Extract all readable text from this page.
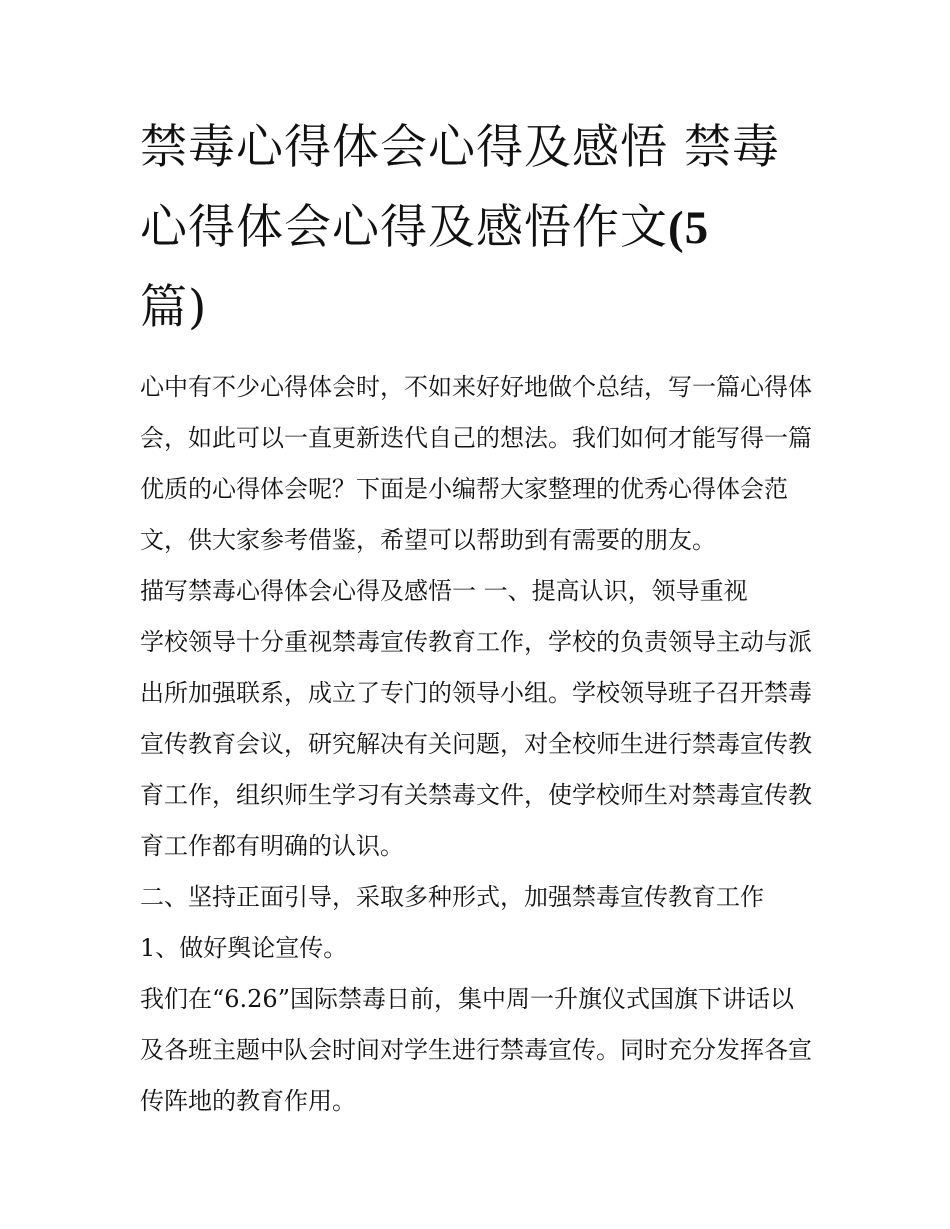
禁毒心得体会心得及感悟 禁毒心得体会心得及感悟作文(5
篇)

心中有不少心得体会时，不如来好好地做个总结，写一篇心得体会，如此可以一直更新迭代自己的想法。我们如何才能写得一篇优质的心得体会呢？下面是小编帮大家整理的优秀心得体会范文，供大家参考借鉴，希望可以帮助到有需要的朋友。

描写禁毒心得体会心得及感悟一 一、提高认识，领导重视

学校领导十分重视禁毒宣传教育工作，学校的负责领导主动与派出所加强联系，成立了专门的领导小组。学校领导班子召开禁毒宣传教育会议，研究解决有关问题，对全校师生进行禁毒宣传教育工作，组织师生学习有关禁毒文件，使学校师生对禁毒宣传教育工作都有明确的认识。

二、坚持正面引导，采取多种形式，加强禁毒宣传教育工作

1、做好舆论宣传。

我们在“6.26”国际禁毒日前，集中周一升旗仪式国旗下讲话以及各班主题中队会时间对学生进行禁毒宣传。同时充分发挥各宣传阵地的教育作用。
